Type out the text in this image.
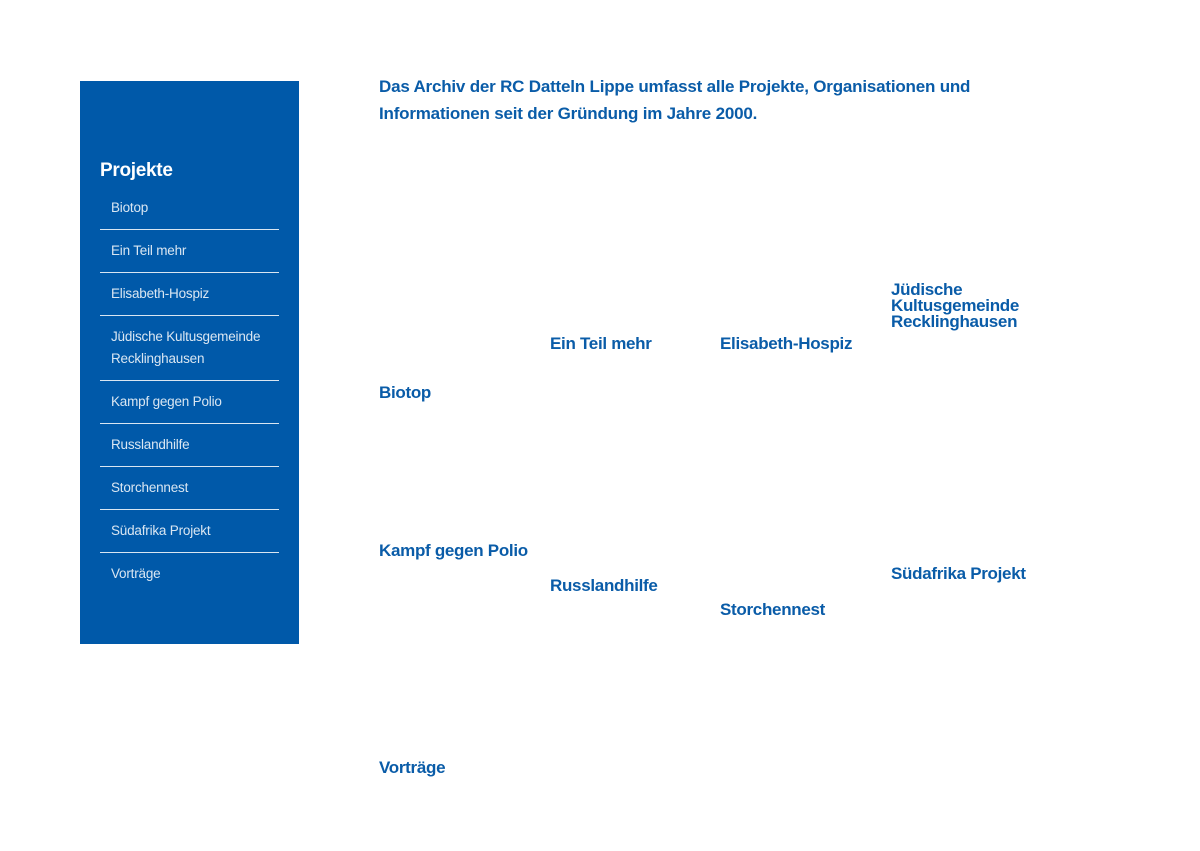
Projekte
Biotop
Ein Teil mehr
Elisabeth-Hospiz
Jüdische Kultusgemeinde Recklinghausen
Kampf gegen Polio
Russlandhilfe
Storchennest
Südafrika Projekt
Vorträge

Das Archiv der RC Datteln Lippe umfasst alle Projekte, Organisationen und Informationen seit der Gründung im Jahre 2000.

Biotop
Ein Teil mehr	Elisabeth-Hospiz
Jüdische Kultusgemeinde Recklinghausen
Kampf gegen Polio
Russlandhilfe
Storchennest
Südafrika Projekt
Vorträge
